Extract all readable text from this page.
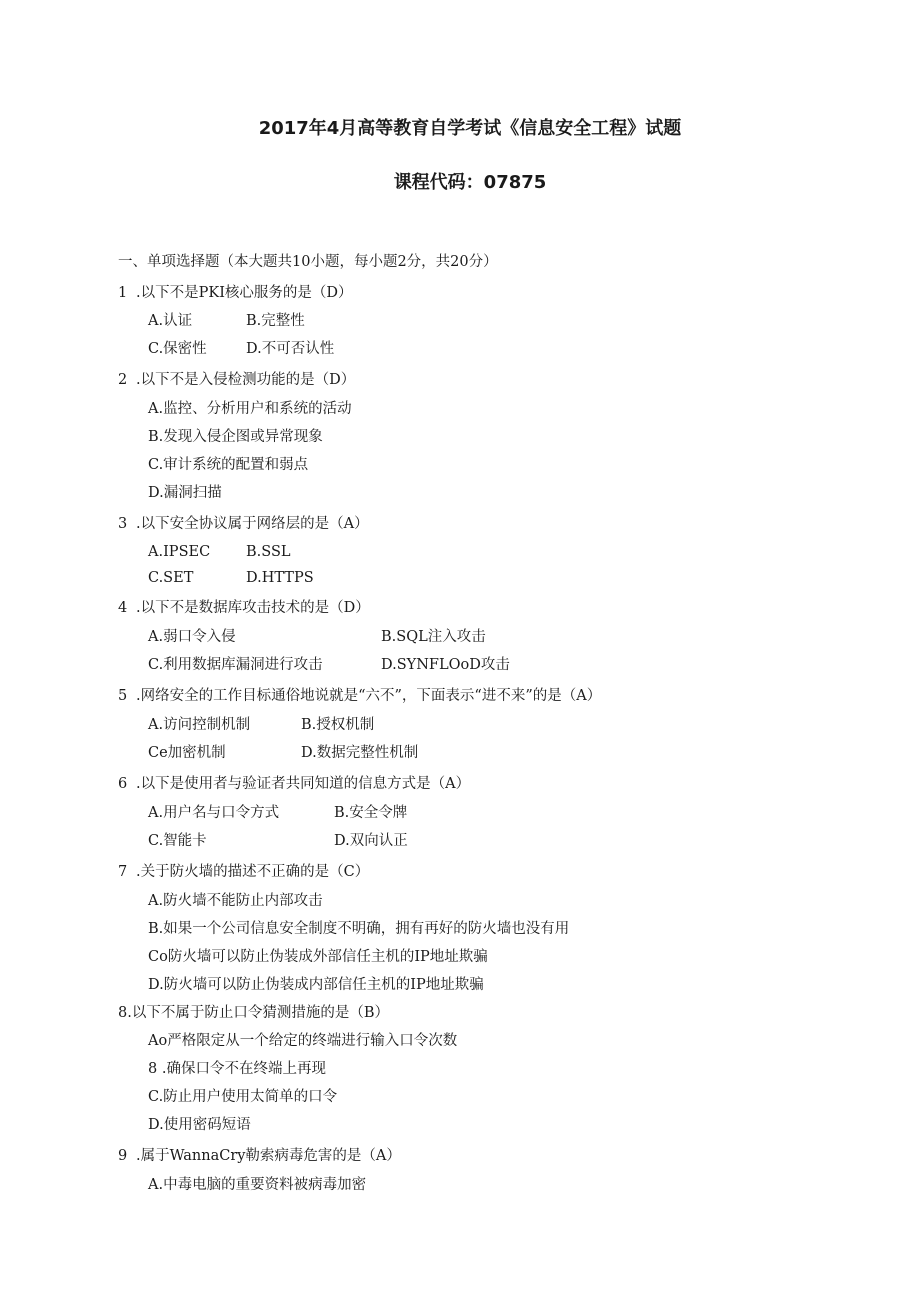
2017年4月高等教育自学考试《信息安全工程》试题
课程代码：07875
一、单项选择题（本大题共10小题，每小题2分，共20分）
1 .以下不是PKI核心服务的是（D）
A.认证	B.完整性
C.保密性	D.不可否认性
2 .以下不是入侵检测功能的是（D）
A.监控、分析用户和系统的活动
B.发现入侵企图或异常现象
C.审计系统的配置和弱点
D.漏洞扫描
3 .以下安全协议属于网络层的是（A）
A.IPSEC B.SSL
C.SET	D.HTTPS
4 .以下不是数据库攻击技术的是（D）
A.弱口令入侵	B.SQL注入攻击
C.利用数据库漏洞进行攻击	D.SYNFLOoD攻击
5 .网络安全的工作目标通俗地说就是“六不”，下面表示“进不来”的是（A）
A.访问控制机制	B.授权机制
Ce加密机制	D.数据完整性机制
6 .以下是使用者与验证者共同知道的信息方式是（A）
A.用户名与口令方式	B.安全令牌
C.智能卡	D.双向认正
7 .关于防火墙的描述不正确的是（C）
A.防火墙不能防止内部攻击
B.如果一个公司信息安全制度不明确，拥有再好的防火墙也没有用
Co防火墙可以防止伪装成外部信任主机的IP地址欺骗
D.防火墙可以防止伪装成内部信任主机的IP地址欺骗
8.以下不属于防止口令猜测措施的是（B）
Ao严格限定从一个给定的终端进行输入口令次数
8 .确保口令不在终端上再现
C.防止用户使用太简单的口令
D.使用密码短语
9 .属于WannaCry勒索病毒危害的是（A）
A.中毒电脑的重要资料被病毒加密
